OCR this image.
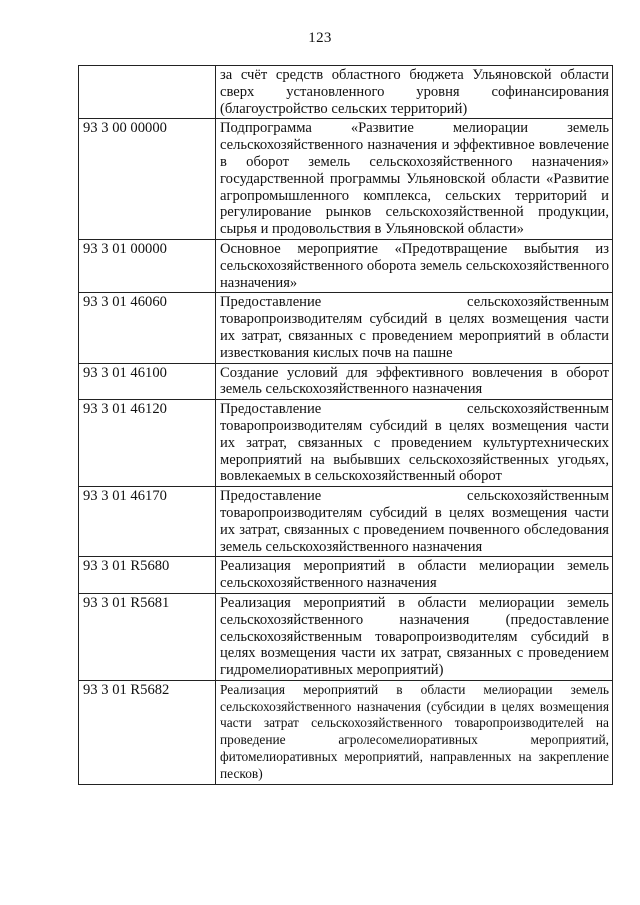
123
	за счёт средств областного бюджета Ульяновской области сверх установленного уровня софинансирования (благоустройство сельских территорий)
93 3 00 00000	Подпрограмма «Развитие мелиорации земель сельскохозяйственного назначения и эффективное вовлечение в оборот земель сельскохозяйственного назначения» государственной программы Ульяновской области «Развитие агропромышленного комплекса, сельских территорий и регулирование рынков сельскохозяйственной продукции, сырья и продовольствия в Ульяновской области»
93 3 01 00000	Основное мероприятие «Предотвращение выбытия из сельскохозяйственного оборота земель сельскохозяйственного назначения»
93 3 01 46060	Предоставление сельскохозяйственным товаропроизводителям субсидий в целях возмещения части их затрат, связанных с проведением мероприятий в области известкования кислых почв на пашне
93 3 01 46100	Создание условий для эффективного вовлечения в оборот земель сельскохозяйственного назначения
93 3 01 46120	Предоставление сельскохозяйственным товаропроизводителям субсидий в целях возмещения части их затрат, связанных с проведением культуртехнических мероприятий на выбывших сельскохозяйственных угодьях, вовлекаемых в сельскохозяйственный оборот
93 3 01 46170	Предоставление сельскохозяйственным товаропроизводителям субсидий в целях возмещения части их затрат, связанных с проведением почвенного обследования земель сельскохозяйственного назначения
93 3 01 R5680	Реализация мероприятий в области мелиорации земель сельскохозяйственного назначения
93 3 01 R5681	Реализация мероприятий в области мелиорации земель сельскохозяйственного назначения (предоставление сельскохозяйственным товаропроизводителям субсидий в целях возмещения части их затрат, связанных с проведением гидромелиоративных мероприятий)
93 3 01 R5682	Реализация мероприятий в области мелиорации земель сельскохозяйственного назначения (субсидии в целях возмещения части затрат сельскохозяйственного товаропроизводителей на проведение агролесомелиоративных мероприятий, фитомелиоративных мероприятий, направленных на закрепление песков)
